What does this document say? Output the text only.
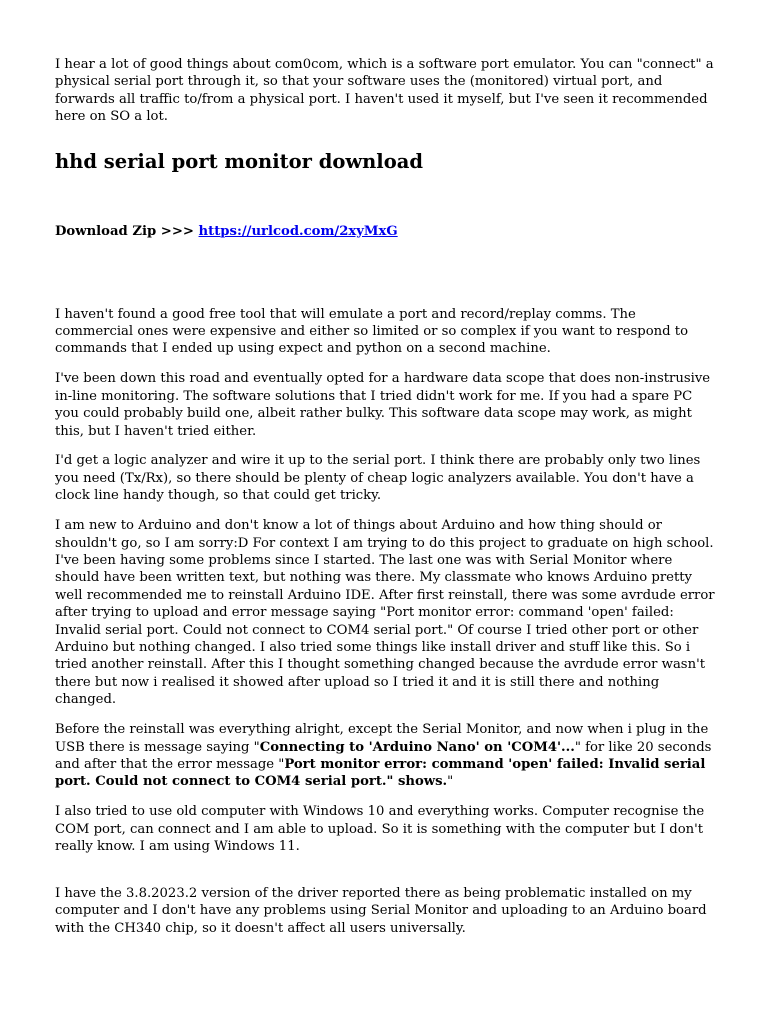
I hear a lot of good things about com0com, which is a software port emulator. You can "connect" a physical serial port through it, so that your software uses the (monitored) virtual port, and forwards all traffic to/from a physical port. I haven't used it myself, but I've seen it recommended here on SO a lot.

hhd serial port monitor download
Download Zip >>> https://urlcod.com/2xyMxG

I haven't found a good free tool that will emulate a port and record/replay comms. The commercial ones were expensive and either so limited or so complex if you want to respond to commands that I ended up using expect and python on a second machine.

I've been down this road and eventually opted for a hardware data scope that does non-instrusive in-line monitoring. The software solutions that I tried didn't work for me. If you had a spare PC you could probably build one, albeit rather bulky. This software data scope may work, as might this, but I haven't tried either.

I'd get a logic analyzer and wire it up to the serial port. I think there are probably only two lines you need (Tx/Rx), so there should be plenty of cheap logic analyzers available. You don't have a clock line handy though, so that could get tricky.

I am new to Arduino and don't know a lot of things about Arduino and how thing should or shouldn't go, so I am sorry:D For context I am trying to do this project to graduate on high school. I've been having some problems since I started. The last one was with Serial Monitor where should have been written text, but nothing was there. My classmate who knows Arduino pretty well recommended me to reinstall Arduino IDE. After first reinstall, there was some avrdude error after trying to upload and error message saying "Port monitor error: command 'open' failed: Invalid serial port. Could not connect to COM4 serial port." Of course I tried other port or other Arduino but nothing changed. I also tried some things like install driver and stuff like this. So i tried another reinstall. After this I thought something changed because the avrdude error wasn't there but now i realised it showed after upload so I tried it and it is still there and nothing changed.

Before the reinstall was everything alright, except the Serial Monitor, and now when i plug in the USB there is message saying "Connecting to 'Arduino Nano' on 'COM4'..." for like 20 seconds and after that the error message "Port monitor error: command 'open' failed: Invalid serial port. Could not connect to COM4 serial port." shows."

I also tried to use old computer with Windows 10 and everything works. Computer recognise the COM port, can connect and I am able to upload. So it is something with the computer but I don't really know. I am using Windows 11.

I have the 3.8.2023.2 version of the driver reported there as being problematic installed on my computer and I don't have any problems using Serial Monitor and uploading to an Arduino board with the CH340 chip, so it doesn't affect all users universally.
